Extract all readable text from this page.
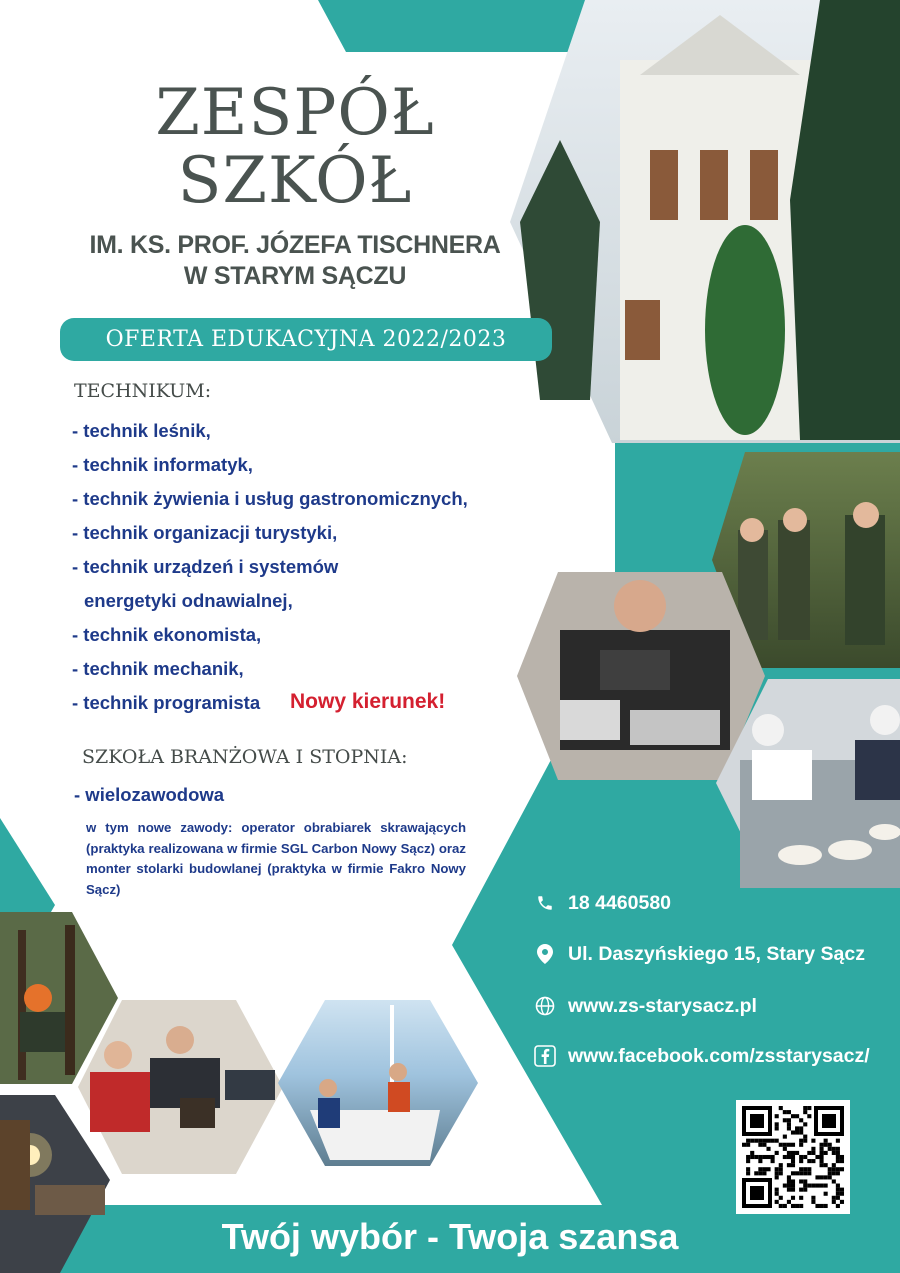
ZESPÓŁ
SZKÓŁ
IM. KS. PROF. JÓZEFA TISCHNERA
W STARYM SĄCZU
OFERTA EDUKACYJNA 2022/2023
TECHNIKUM:
- technik leśnik,
- technik informatyk,
- technik żywienia i usług gastronomicznych,
- technik organizacji turystyki,
- technik urządzeń i systemów
energetyki odnawialnej,
- technik ekonomista,
- technik mechanik,
- technik programista Nowy kierunek!
SZKOŁA BRANŻOWA I STOPNIA:
- wielozawodowa
w tym nowe zawody: operator obrabiarek skrawających (praktyka realizowana w firmie SGL Carbon Nowy Sącz) oraz monter stolarki budowlanej (praktyka w firmie Fakro Nowy Sącz)
18 4460580
Ul. Daszyńskiego 15, Stary Sącz
www.zs-starysacz.pl
www.facebook.com/zsstarysacz/
Twój wybór - Twoja szansa
